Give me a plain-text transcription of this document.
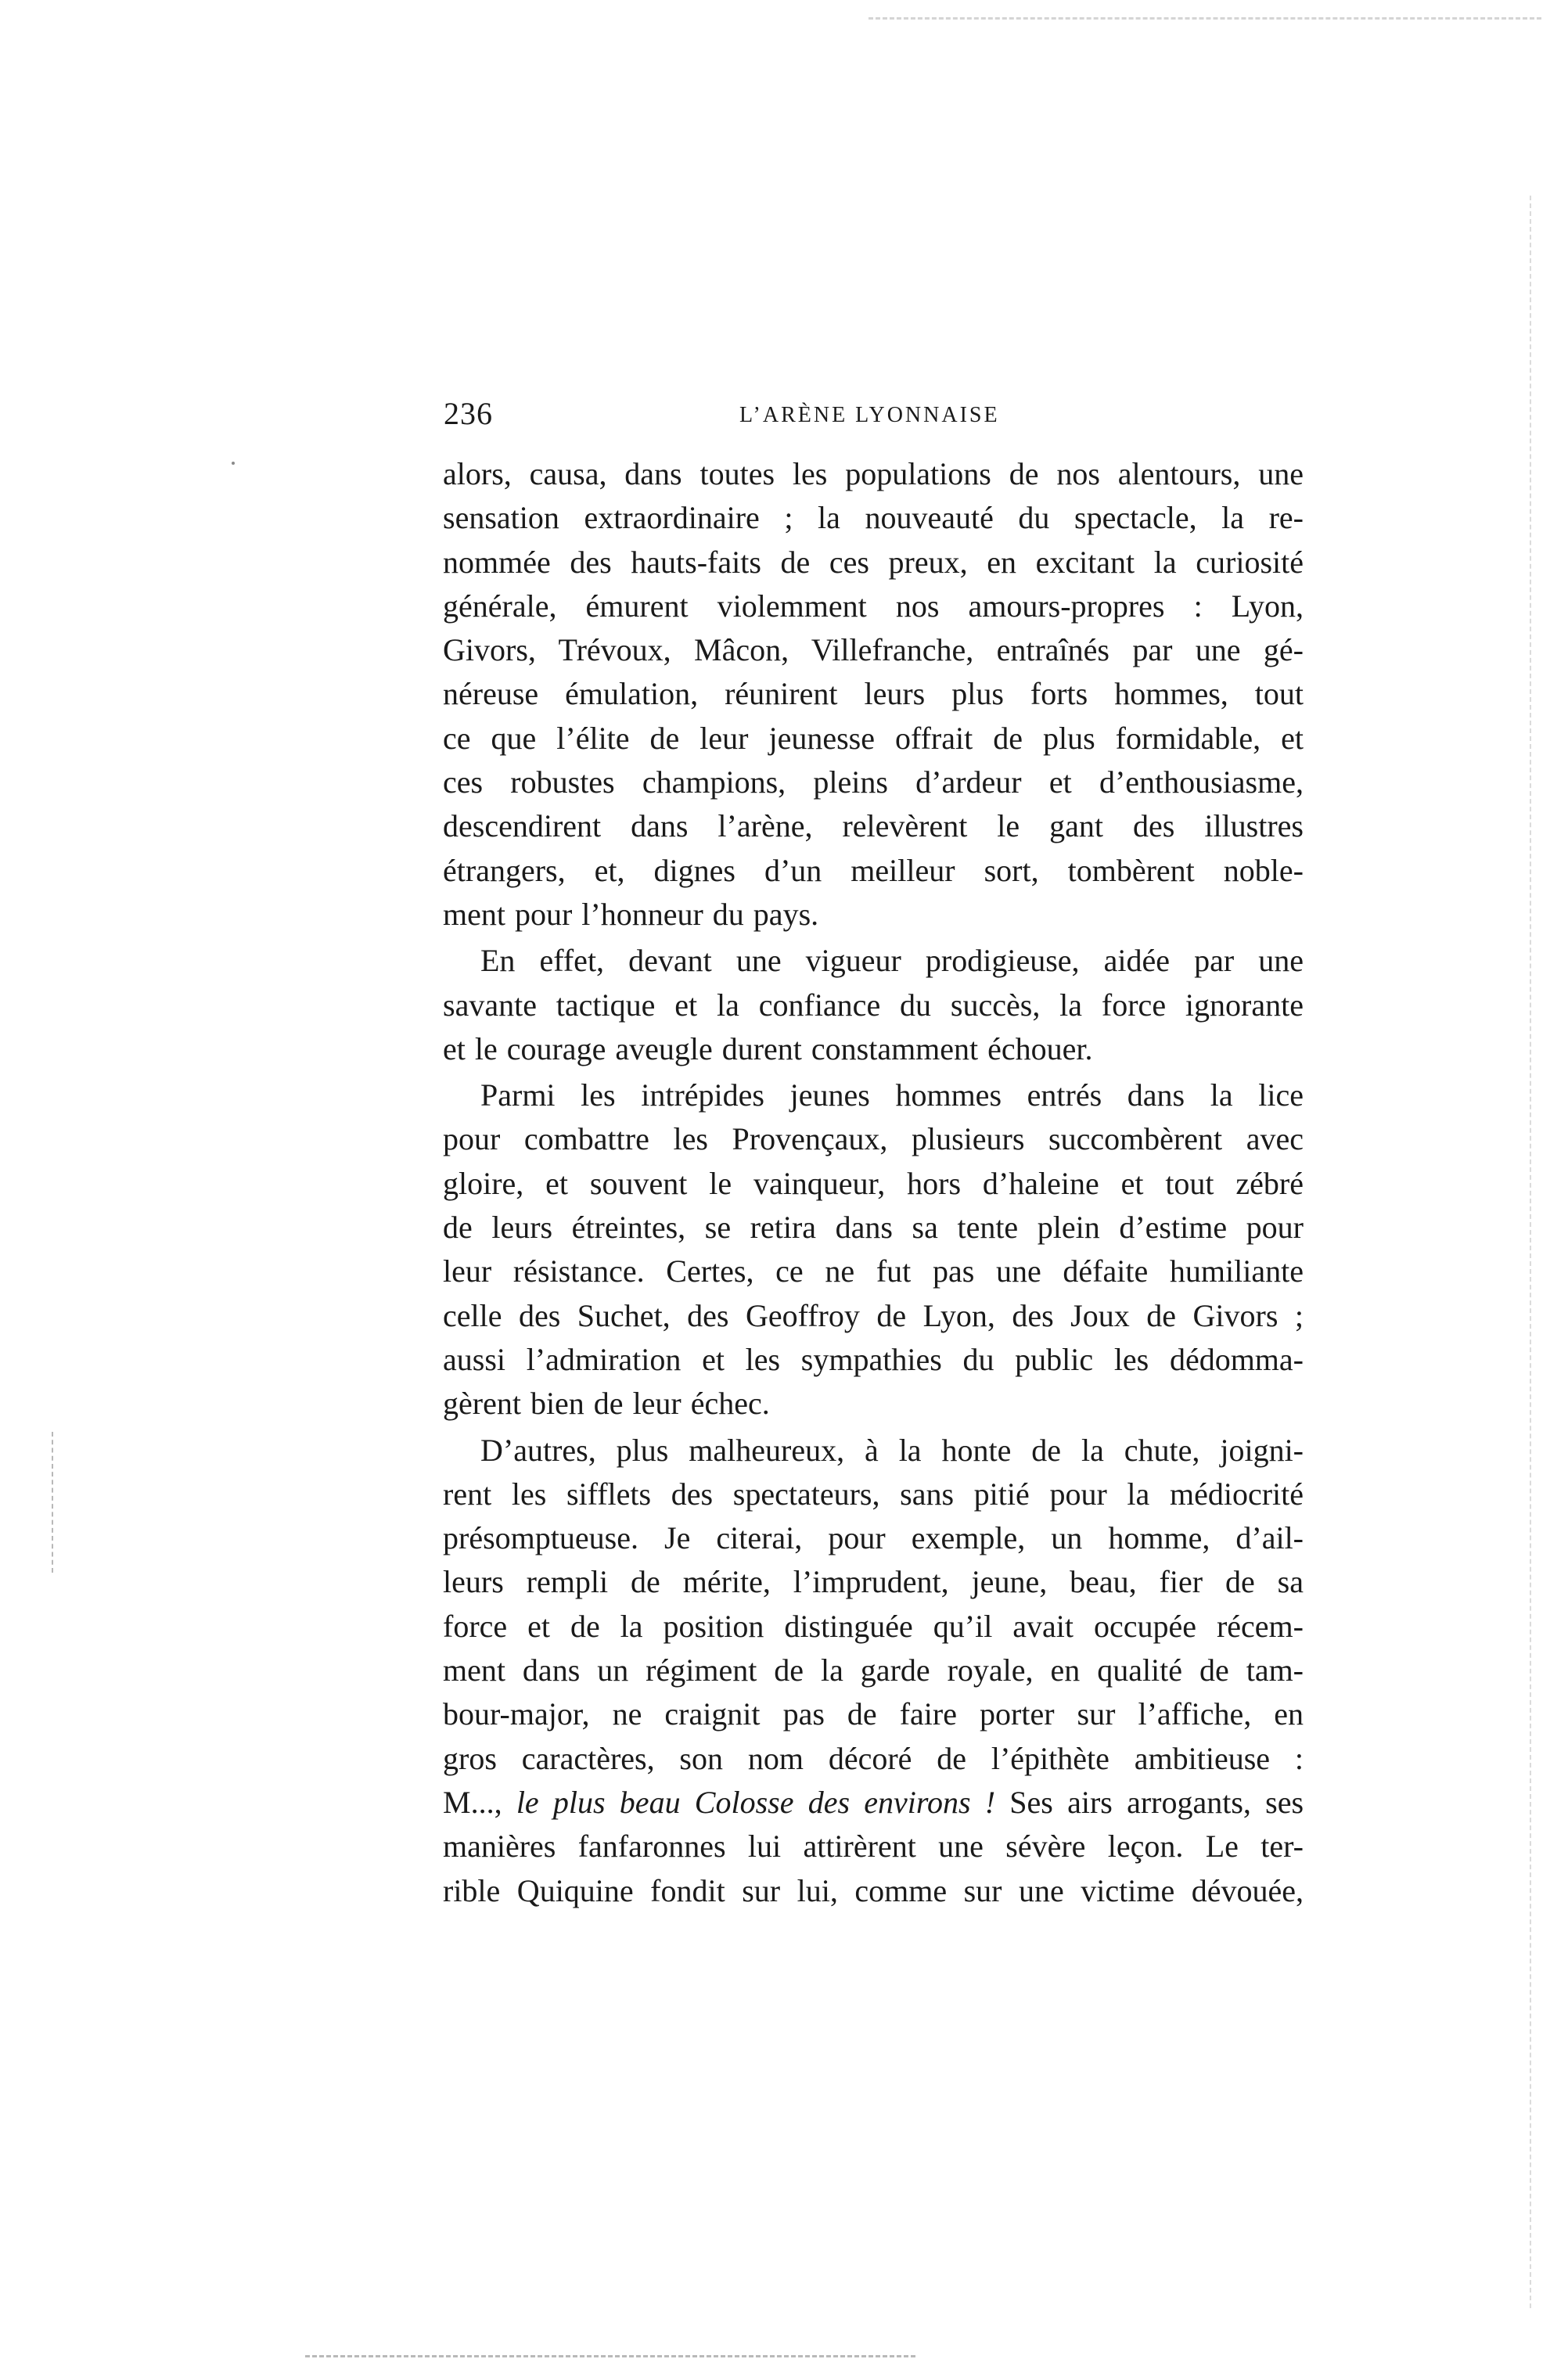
236	L’ARÈNE LYONNAISE
alors, causa, dans toutes les populations de nos alentours, une
sensation extraordinaire ; la nouveauté du spectacle, la re-
nommée des hauts-faits de ces preux, en excitant la curiosité
générale, émurent violemment nos amours-propres : Lyon,
Givors, Trévoux, Mâcon, Villefranche, entraînés par une gé-
néreuse émulation, réunirent leurs plus forts hommes, tout
ce que l’élite de leur jeunesse offrait de plus formidable, et
ces robustes champions, pleins d’ardeur et d’enthousiasme,
descendirent dans l’arène, relevèrent le gant des illustres
étrangers, et, dignes d’un meilleur sort, tombèrent noble-
ment pour l’honneur du pays.
En effet, devant une vigueur prodigieuse, aidée par une
savante tactique et la confiance du succès, la force ignorante
et le courage aveugle durent constamment échouer.
Parmi les intrépides jeunes hommes entrés dans la lice
pour combattre les Provençaux, plusieurs succombèrent avec
gloire, et souvent le vainqueur, hors d’haleine et tout zébré
de leurs étreintes, se retira dans sa tente plein d’estime pour
leur résistance. Certes, ce ne fut pas une défaite humiliante
celle des Suchet, des Geoffroy de Lyon, des Joux de Givors ;
aussi l’admiration et les sympathies du public les dédomma-
gèrent bien de leur échec.
D’autres, plus malheureux, à la honte de la chute, joigni-
rent les sifflets des spectateurs, sans pitié pour la médiocrité
présomptueuse. Je citerai, pour exemple, un homme, d’ail-
leurs rempli de mérite, l’imprudent, jeune, beau, fier de sa
force et de la position distinguée qu’il avait occupée récem-
ment dans un régiment de la garde royale, en qualité de tam-
bour-major, ne craignit pas de faire porter sur l’affiche, en
gros caractères, son nom décoré de l’épithète ambitieuse :
M..., le plus beau Colosse des environs ! Ses airs arrogants, ses
manières fanfaronnes lui attirèrent une sévère leçon. Le ter-
rible Quiquine fondit sur lui, comme sur une victime dévouée,
